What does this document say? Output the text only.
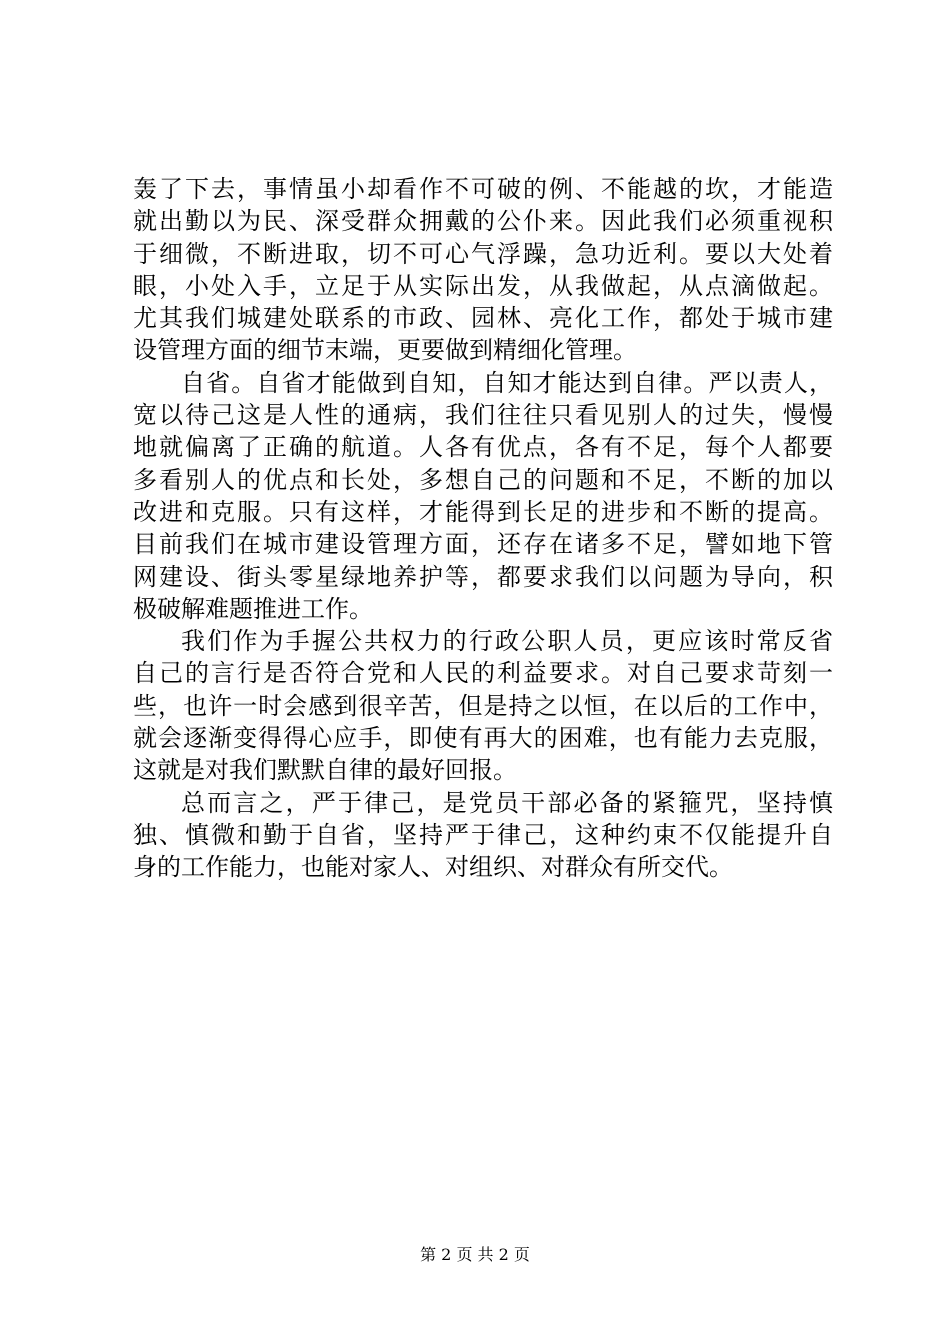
轰了下去，事情虽小却看作不可破的例、不能越的坎，才能造
就出勤以为民、深受群众拥戴的公仆来。因此我们必须重视积
于细微，不断进取，切不可心气浮躁，急功近利。要以大处着
眼，小处入手，立足于从实际出发，从我做起，从点滴做起。
尤其我们城建处联系的市政、园林、亮化工作，都处于城市建
设管理方面的细节末端，更要做到精细化管理。
自省。自省才能做到自知，自知才能达到自律。严以责人，
宽以待己这是人性的通病，我们往往只看见别人的过失，慢慢
地就偏离了正确的航道。人各有优点，各有不足，每个人都要
多看别人的优点和长处，多想自己的问题和不足，不断的加以
改进和克服。只有这样，才能得到长足的进步和不断的提高。
目前我们在城市建设管理方面，还存在诸多不足，譬如地下管
网建设、街头零星绿地养护等，都要求我们以问题为导向，积
极破解难题推进工作。
我们作为手握公共权力的行政公职人员，更应该时常反省
自己的言行是否符合党和人民的利益要求。对自己要求苛刻一
些，也许一时会感到很辛苦，但是持之以恒，在以后的工作中，
就会逐渐变得得心应手，即使有再大的困难，也有能力去克服，
这就是对我们默默自律的最好回报。
总而言之，严于律己，是党员干部必备的紧箍咒，坚持慎
独、慎微和勤于自省，坚持严于律己，这种约束不仅能提升自
身的工作能力，也能对家人、对组织、对群众有所交代。
第 2 页 共 2 页
